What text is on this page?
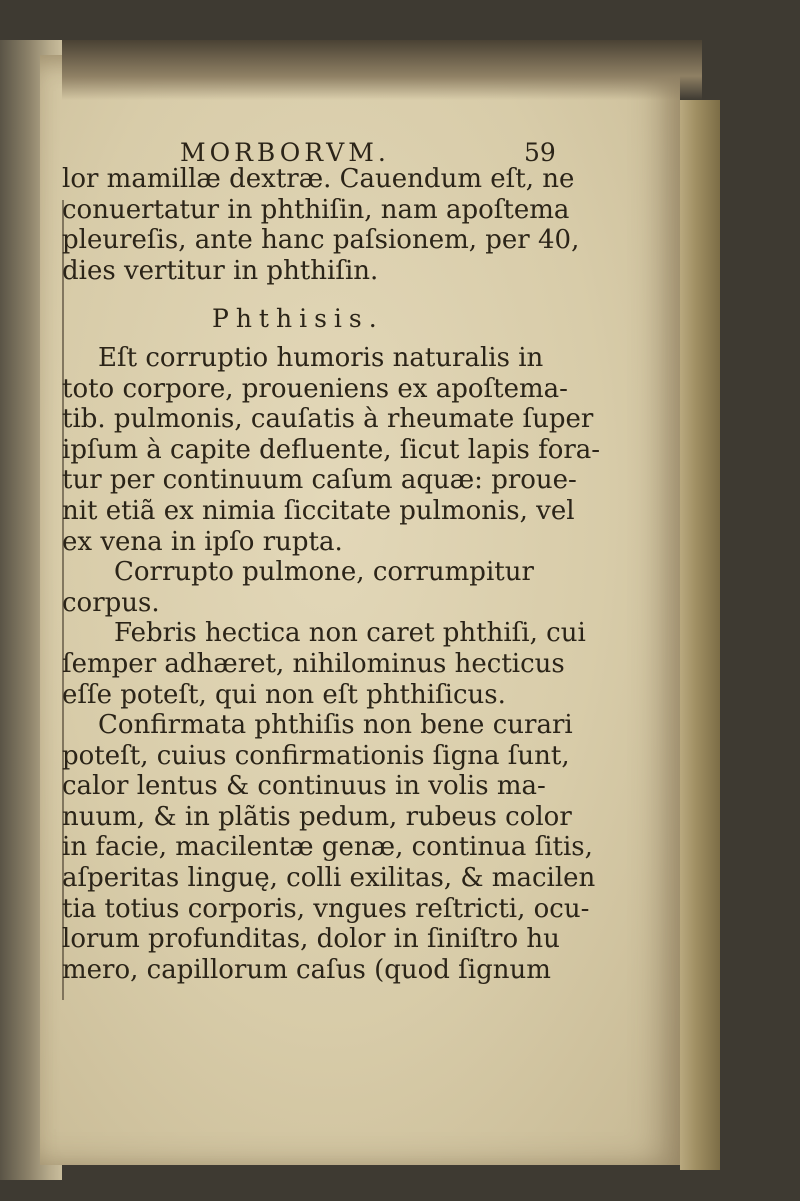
MORBORVM.	59

lor mamillæ dextræ. Cauendum eſt, ne

conuertatur in phthiſin, nam apoſtema

pleureſis, ante hanc paſsionem, per 40,

dies vertitur in phthiſin.

Phthisis.

Eſt corruptio humoris naturalis in

toto corpore, proueniens ex apoſtema-

tib. pulmonis, cauſatis à rheumate ſuper

ipſum à capite defluente, ſicut lapis fora-

tur per continuum caſum aquæ: proue-

nit etiã ex nimia ſiccitate pulmonis, vel

ex vena in ipſo rupta.

Corrupto pulmone, corrumpitur

corpus.

Febris hectica non caret phthiſi, cui

ſemper adhæret, nihilominus hecticus

eſſe poteſt, qui non eſt phthiſicus.

Confirmata phthiſis non bene curari

poteſt, cuius confirmationis ſigna ſunt,

calor lentus & continuus in volis ma-

nuum, & in plãtis pedum, rubeus color

in facie, macilentæ genæ, continua ſitis,

aſperitas linguę, colli exilitas, & macilen

tia totius corporis, vngues reſtricti, ocu-

lorum profunditas, dolor in ſiniſtro hu

mero, capillorum caſus (quod ſignum
